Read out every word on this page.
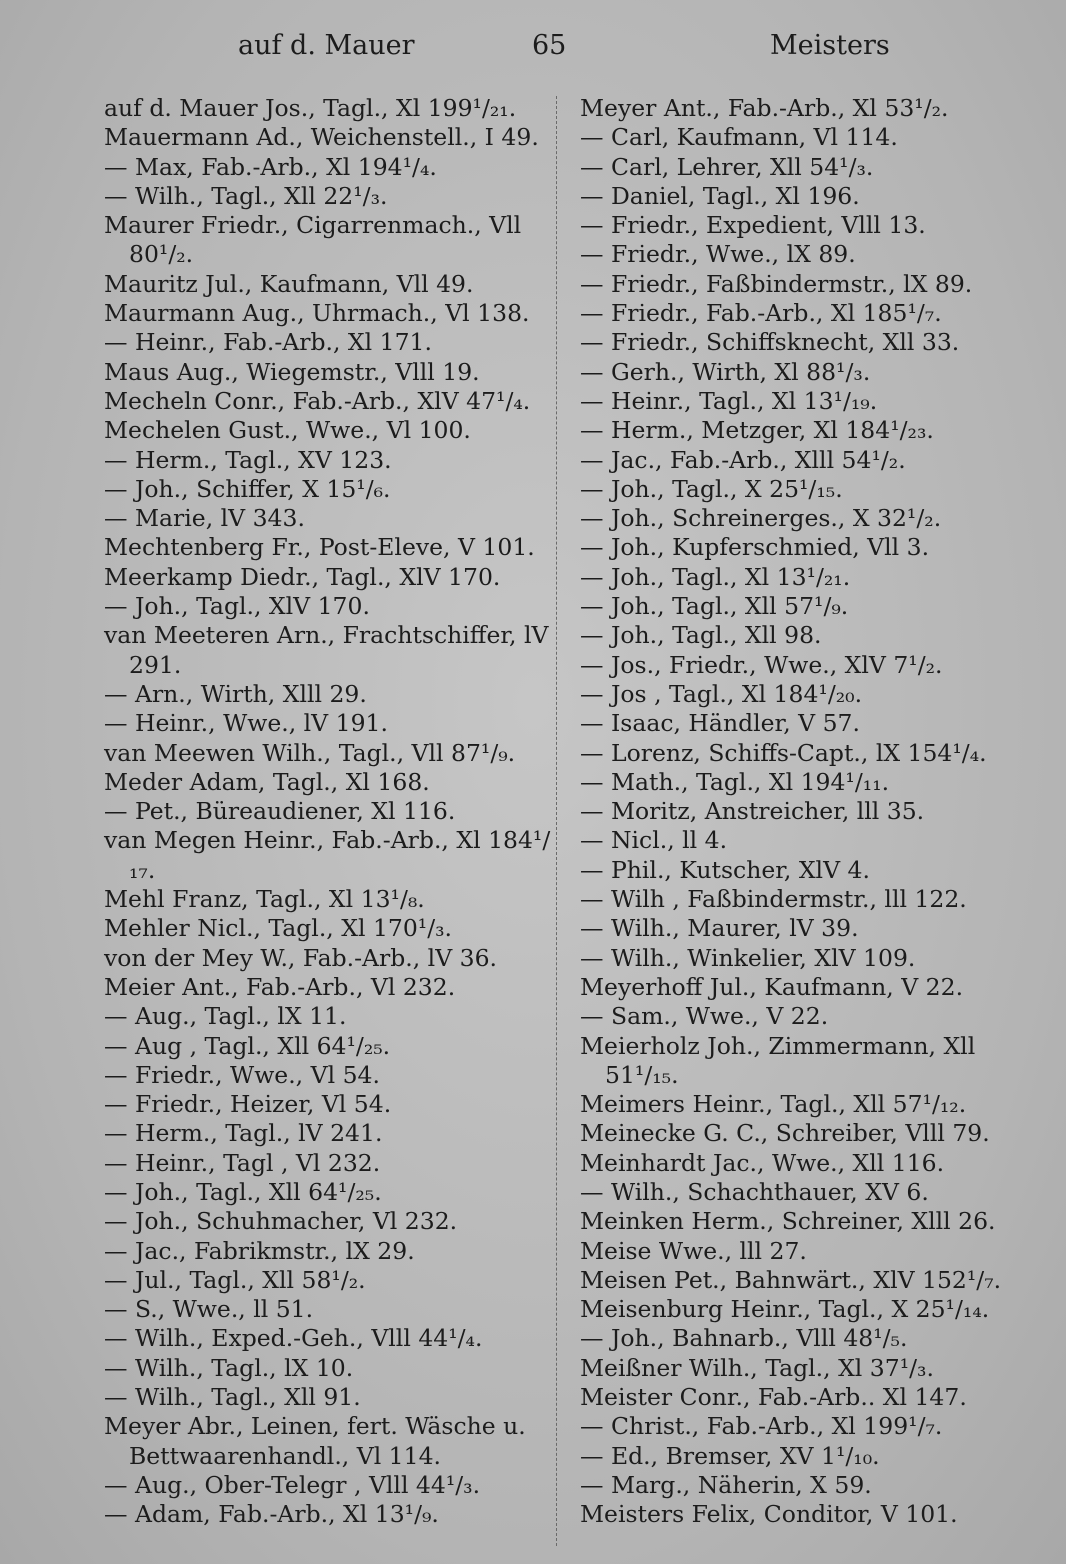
auf d. Mauer	65	Meisters
auf d. Mauer Jos., Tagl., Xl 199¹/₂₁.
Mauermann Ad., Weichenstell., I 49.
— Max, Fab.-Arb., Xl 194¹/₄.
— Wilh., Tagl., Xll 22¹/₃.
Maurer Friedr., Cigarrenmach., Vll 80¹/₂.
Mauritz Jul., Kaufmann, Vll 49.
Maurmann Aug., Uhrmach., Vl 138.
— Heinr., Fab.-Arb., Xl 171.
Maus Aug., Wiegemstr., Vlll 19.
Mecheln Conr., Fab.-Arb., XlV 47¹/₄.
Mechelen Gust., Wwe., Vl 100.
— Herm., Tagl., XV 123.
— Joh., Schiffer, X 15¹/₆.
— Marie, lV 343.
Mechtenberg Fr., Post-Eleve, V 101.
Meerkamp Diedr., Tagl., XlV 170.
— Joh., Tagl., XlV 170.
van Meeteren Arn., Frachtschiffer, lV 291.
— Arn., Wirth, Xlll 29.
— Heinr., Wwe., lV 191.
van Meewen Wilh., Tagl., Vll 87¹/₉.
Meder Adam, Tagl., Xl 168.
— Pet., Büreaudiener, Xl 116.
van Megen Heinr., Fab.-Arb., Xl 184¹/₁₇.
Mehl Franz, Tagl., Xl 13¹/₈.
Mehler Nicl., Tagl., Xl 170¹/₃.
von der Mey W., Fab.-Arb., lV 36.
Meier Ant., Fab.-Arb., Vl 232.
— Aug., Tagl., lX 11.
— Aug , Tagl., Xll 64¹/₂₅.
— Friedr., Wwe., Vl 54.
— Friedr., Heizer, Vl 54.
— Herm., Tagl., lV 241.
— Heinr., Tagl , Vl 232.
— Joh., Tagl., Xll 64¹/₂₅.
— Joh., Schuhmacher, Vl 232.
— Jac., Fabrikmstr., lX 29.
— Jul., Tagl., Xll 58¹/₂.
— S., Wwe., ll 51.
— Wilh., Exped.-Geh., Vlll 44¹/₄.
— Wilh., Tagl., lX 10.
— Wilh., Tagl., Xll 91.
Meyer Abr., Leinen, fert. Wäsche u. Bettwaarenhandl., Vl 114.
— Aug., Ober-Telegr , Vlll 44¹/₃.
— Adam, Fab.-Arb., Xl 13¹/₉.
Meyer Ant., Fab.-Arb., Xl 53¹/₂.
— Carl, Kaufmann, Vl 114.
— Carl, Lehrer, Xll 54¹/₃.
— Daniel, Tagl., Xl 196.
— Friedr., Expedient, Vlll 13.
— Friedr., Wwe., lX 89.
— Friedr., Faßbindermstr., lX 89.
— Friedr., Fab.-Arb., Xl 185¹/₇.
— Friedr., Schiffsknecht, Xll 33.
— Gerh., Wirth, Xl 88¹/₃.
— Heinr., Tagl., Xl 13¹/₁₉.
— Herm., Metzger, Xl 184¹/₂₃.
— Jac., Fab.-Arb., Xlll 54¹/₂.
— Joh., Tagl., X 25¹/₁₅.
— Joh., Schreinerges., X 32¹/₂.
— Joh., Kupferschmied, Vll 3.
— Joh., Tagl., Xl 13¹/₂₁.
— Joh., Tagl., Xll 57¹/₉.
— Joh., Tagl., Xll 98.
— Jos., Friedr., Wwe., XlV 7¹/₂.
— Jos , Tagl., Xl 184¹/₂₀.
— Isaac, Händler, V 57.
— Lorenz, Schiffs-Capt., lX 154¹/₄.
— Math., Tagl., Xl 194¹/₁₁.
— Moritz, Anstreicher, lll 35.
— Nicl., ll 4.
— Phil., Kutscher, XlV 4.
— Wilh , Faßbindermstr., lll 122.
— Wilh., Maurer, lV 39.
— Wilh., Winkelier, XlV 109.
Meyerhoff Jul., Kaufmann, V 22.
— Sam., Wwe., V 22.
Meierholz Joh., Zimmermann, Xll 51¹/₁₅.
Meimers Heinr., Tagl., Xll 57¹/₁₂.
Meinecke G. C., Schreiber, Vlll 79.
Meinhardt Jac., Wwe., Xll 116.
— Wilh., Schachthauer, XV 6.
Meinken Herm., Schreiner, Xlll 26.
Meise Wwe., lll 27.
Meisen Pet., Bahnwärt., XlV 152¹/₇.
Meisenburg Heinr., Tagl., X 25¹/₁₄.
— Joh., Bahnarb., Vlll 48¹/₅.
Meißner Wilh., Tagl., Xl 37¹/₃.
Meister Conr., Fab.-Arb.. Xl 147.
— Christ., Fab.-Arb., Xl 199¹/₇.
— Ed., Bremser, XV 1¹/₁₀.
— Marg., Näherin, X 59.
Meisters Felix, Conditor, V 101.
